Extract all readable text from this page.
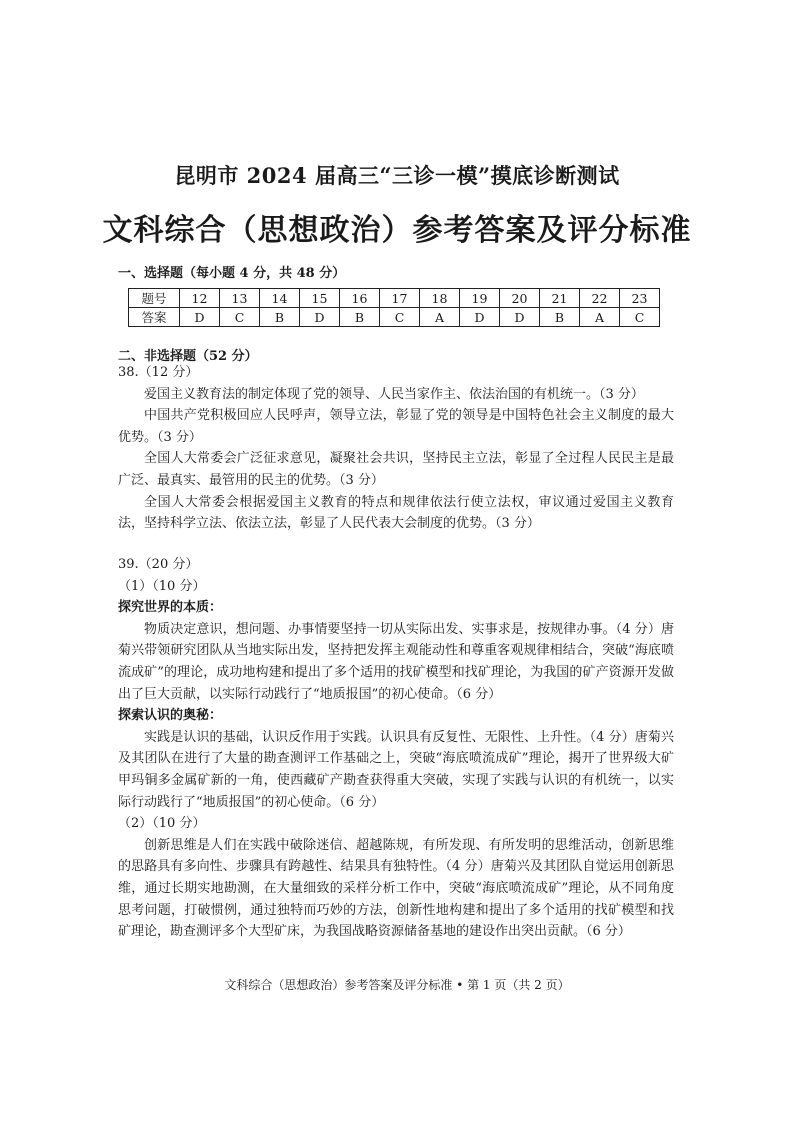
昆明市 2024 届高三“三诊一模”摸底诊断测试
文科综合（思想政治）参考答案及评分标准
一、选择题（每小题 4 分，共 48 分）
题号	12	13	14	15	16	17	18	19	20	21	22	23
答案	D	C	B	D	B	C	A	D	D	B	A	C
二、非选择题（52 分）

38.（12 分）

爱国主义教育法的制定体现了党的领导、人民当家作主、依法治国的有机统一。（3 分）

中国共产党积极回应人民呼声，领导立法，彰显了党的领导是中国特色社会主义制度的最大优势。（3 分）

全国人大常委会广泛征求意见，凝聚社会共识，坚持民主立法，彰显了全过程人民民主是最广泛、最真实、最管用的民主的优势。（3 分）

全国人大常委会根据爱国主义教育的特点和规律依法行使立法权，审议通过爱国主义教育法，坚持科学立法、依法立法，彰显了人民代表大会制度的优势。（3 分）

39.（20 分）

（1）（10 分）

探究世界的本质：

物质决定意识，想问题、办事情要坚持一切从实际出发、实事求是，按规律办事。（4 分）唐菊兴带领研究团队从当地实际出发，坚持把发挥主观能动性和尊重客观规律相结合，突破“海底喷流成矿”的理论，成功地构建和提出了多个适用的找矿模型和找矿理论，为我国的矿产资源开发做出了巨大贡献，以实际行动践行了“地质报国”的初心使命。（6 分）

探索认识的奥秘：

实践是认识的基础，认识反作用于实践。认识具有反复性、无限性、上升性。（4 分）唐菊兴及其团队在进行了大量的勘查测评工作基础之上，突破“海底喷流成矿”理论，揭开了世界级大矿甲玛铜多金属矿新的一角，使西藏矿产勘查获得重大突破，实现了实践与认识的有机统一，以实际行动践行了“地质报国”的初心使命。（6 分）

（2）（10 分）

创新思维是人们在实践中破除迷信、超越陈规，有所发现、有所发明的思维活动，创新思维的思路具有多向性、步骤具有跨越性、结果具有独特性。（4 分）唐菊兴及其团队自觉运用创新思维，通过长期实地勘测，在大量细致的采样分析工作中，突破“海底喷流成矿”理论，从不同角度思考问题，打破惯例，通过独特而巧妙的方法，创新性地构建和提出了多个适用的找矿模型和找矿理论，勘查测评多个大型矿床，为我国战略资源储备基地的建设作出突出贡献。（6 分）

文科综合（思想政治）参考答案及评分标准 • 第 1 页（共 2 页）
